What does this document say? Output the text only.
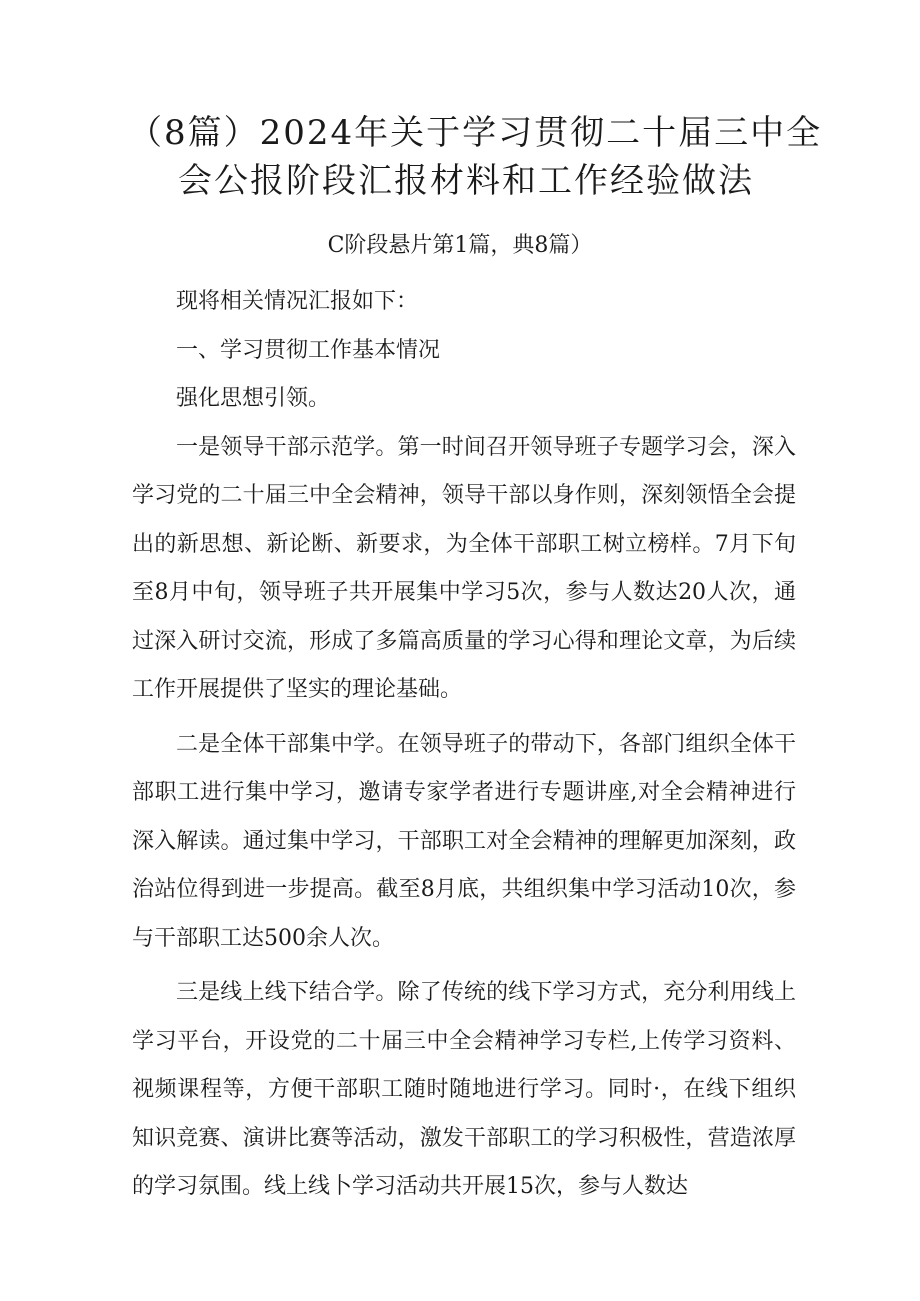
（8篇）2024年关于学习贯彻二十届三中全
会公报阶段汇报材料和工作经验做法
C阶段悬片第1篇，典8篇）

现将相关情况汇报如下：

一、学习贯彻工作基本情况

强化思想引领。

一是领导干部示范学。第一时间召开领导班子专题学习会，深入学习党的二十届三中全会精神，领导干部以身作则，深刻领悟全会提出的新思想、新论断、新要求，为全体干部职工树立榜样。7月下旬至8月中旬，领导班子共开展集中学习5次，参与人数达20人次，通过深入研讨交流，形成了多篇高质量的学习心得和理论文章，为后续工作开展提供了坚实的理论基础。

二是全体干部集中学。在领导班子的带动下，各部门组织全体干部职工进行集中学习，邀请专家学者进行专题讲座,对全会精神进行深入解读。通过集中学习，干部职工对全会精神的理解更加深刻，政治站位得到进一步提高。截至8月底，共组织集中学习活动10次，参与干部职工达500余人次。

三是线上线下结合学。除了传统的线下学习方式，充分利用线上学习平台，开设党的二十届三中全会精神学习专栏,上传学习资料、视频课程等，方便干部职工随时随地进行学习。同时·，在线下组织知识竞赛、演讲比赛等活动，激发干部职工的学习积极性，营造浓厚的学习氛围。线上线卜学习活动共开展15次，参与人数达
